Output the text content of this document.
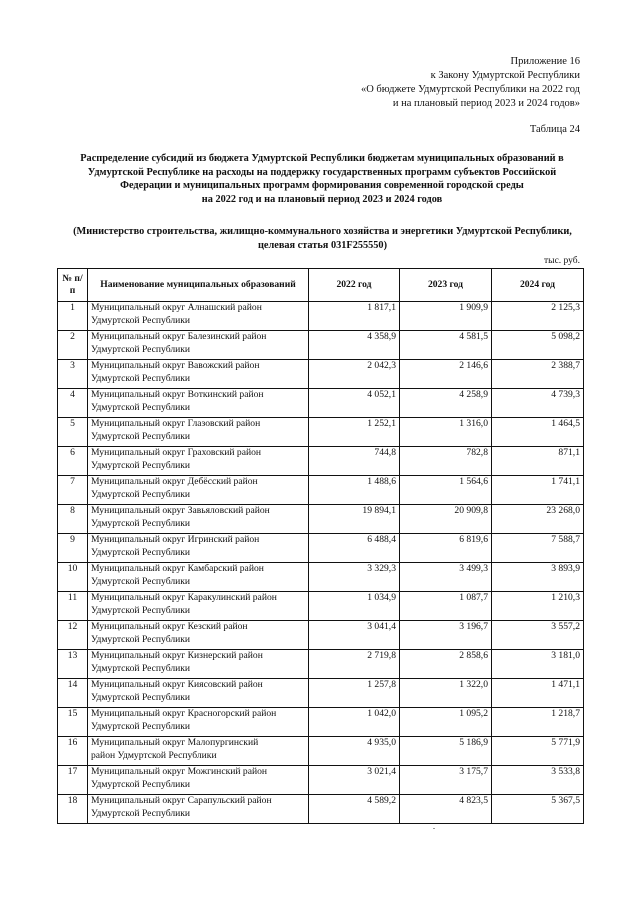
Приложение 16
к Закону Удмуртской Республики
«О бюджете Удмуртской Республики на 2022 год
и на плановый период 2023 и 2024 годов»
Таблица 24
Распределение субсидий из бюджета Удмуртской Республики бюджетам муниципальных образований в
Удмуртской Республике на расходы на поддержку государственных программ субъектов Российской
Федерации и муниципальных программ формирования современной городской среды
на 2022 год и на плановый период 2023 и 2024 годов
(Министерство строительства, жилищно-коммунального хозяйства и энергетики Удмуртской Республики,
целевая статья 031F255550)
тыс. руб.
№ п/п	Наименование муниципальных образований	2022 год	2023 год	2024 год

1	Муниципальный округ Алнашский район
Удмуртской Республики	1 817,1	1 909,9	2 125,3

2	Муниципальный округ Балезинский район
Удмуртской Республики	4 358,9	4 581,5	5 098,2

3	Муниципальный округ Вавожский район
Удмуртской Республики	2 042,3	2 146,6	2 388,7

4	Муниципальный округ Воткинский район
Удмуртской Республики	4 052,1	4 258,9	4 739,3

5	Муниципальный округ Глазовский район
Удмуртской Республики	1 252,1	1 316,0	1 464,5

6	Муниципальный округ Граховский район
Удмуртской Республики	744,8	782,8	871,1

7	Муниципальный округ Дебёсский район
Удмуртской Республики	1 488,6	1 564,6	1 741,1

8	Муниципальный округ Завьяловский район
Удмуртской Республики	19 894,1	20 909,8	23 268,0

9	Муниципальный округ Игринский район
Удмуртской Республики	6 488,4	6 819,6	7 588,7

10	Муниципальный округ Камбарский район
Удмуртской Республики	3 329,3	3 499,3	3 893,9

11	Муниципальный округ Каракулинский район
Удмуртской Республики	1 034,9	1 087,7	1 210,3

12	Муниципальный округ Кезский район
Удмуртской Республики	3 041,4	3 196,7	3 557,2

13	Муниципальный округ Кизнерский район
Удмуртской Республики	2 719,8	2 858,6	3 181,0

14	Муниципальный округ Киясовский район
Удмуртской Республики	1 257,8	1 322,0	1 471,1

15	Муниципальный округ Красногорский район
Удмуртской Республики	1 042,0	1 095,2	1 218,7

16	Муниципальный округ Малопургинский
район Удмуртской Республики	4 935,0	5 186,9	5 771,9

17	Муниципальный округ Можгинский район
Удмуртской Республики	3 021,4	3 175,7	3 533,8

18	Муниципальный округ Сарапульский район
Удмуртской Республики	4 589,2	4 823,5	5 367,5
